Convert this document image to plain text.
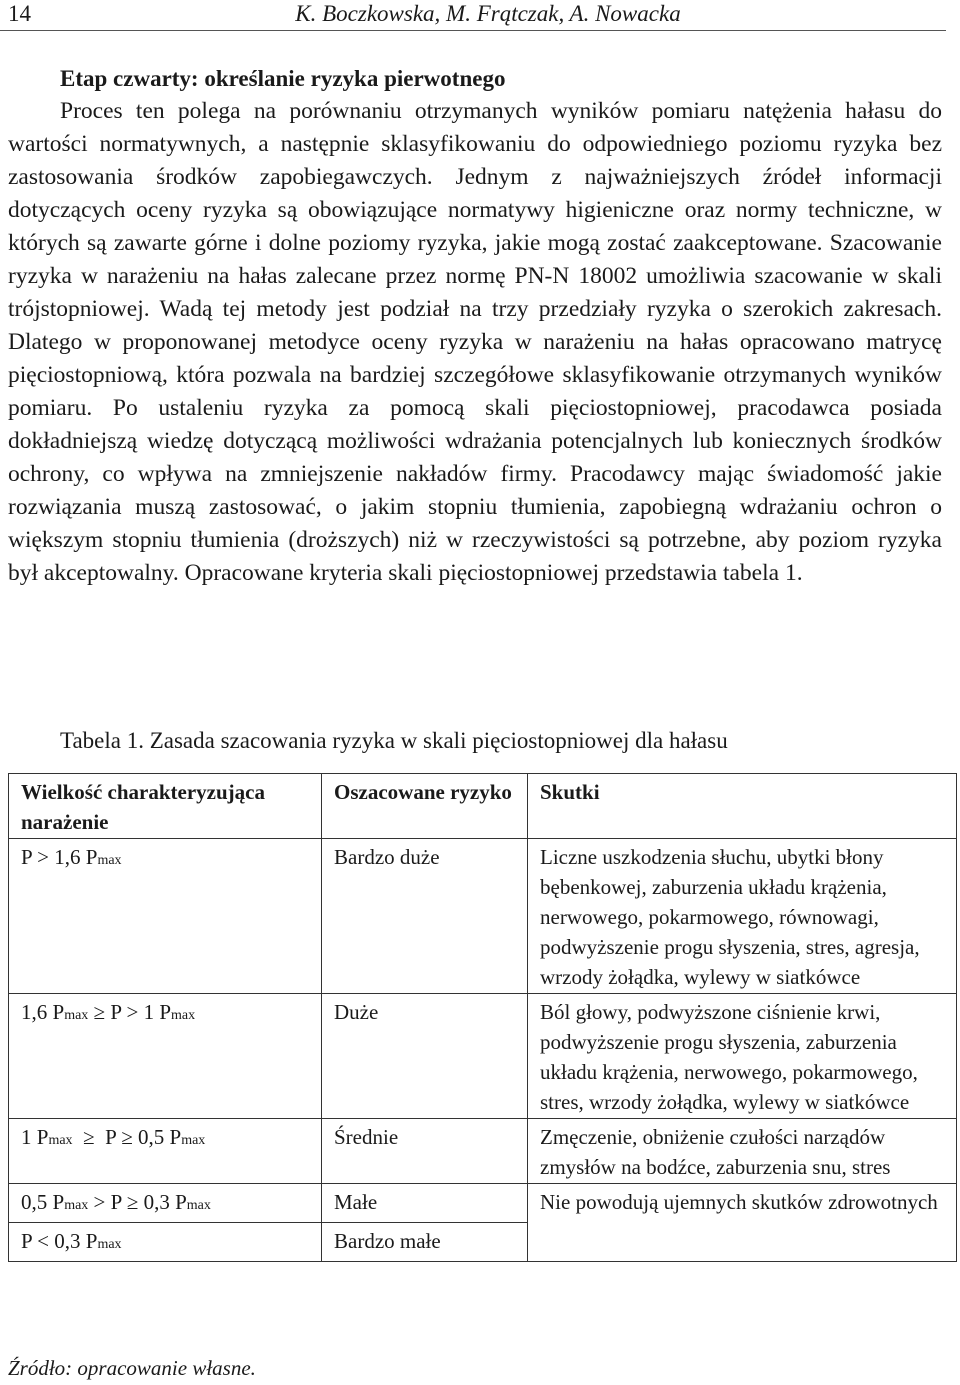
14	K. Boczkowska, M. Frątczak, A. Nowacka
Etap czwarty: określanie ryzyka pierwotnego

Proces ten polega na porównaniu otrzymanych wyników pomiaru natężenia hałasu do wartości normatywnych, a następnie sklasyfikowaniu do odpowiedniego poziomu ryzyka bez zastosowania środków zapobiegawczych. Jednym z najważniejszych źródeł informacji dotyczących oceny ryzyka są obowiązujące normatywy higieniczne oraz normy techniczne, w których są zawarte górne i dolne poziomy ryzyka, jakie mogą zostać zaakceptowane. Szacowanie ryzyka w narażeniu na hałas zalecane przez normę PN-N 18002 umożliwia szacowanie w skali trójstopniowej. Wadą tej metody jest podział na trzy przedziały ryzyka o szerokich zakresach. Dlatego w proponowanej metodyce oceny ryzyka w narażeniu na hałas opracowano matrycę pięciostopniową, która pozwala na bardziej szczegółowe sklasyfikowanie otrzymanych wyników pomiaru. Po ustaleniu ryzyka za pomocą skali pięciostopniowej, pracodawca posiada dokładniejszą wiedzę dotyczącą możliwości wdrażania potencjalnych lub koniecznych środków ochrony, co wpływa na zmniejszenie nakładów firmy. Pracodawcy mając świadomość jakie rozwiązania muszą zastosować, o jakim stopniu tłumienia, zapobiegną wdrażaniu ochron o większym stopniu tłumienia (droższych) niż w rzeczywistości są potrzebne, aby poziom ryzyka był akceptowalny. Opracowane kryteria skali pięciostopniowej przedstawia tabela 1.

Tabela 1. Zasada szacowania ryzyka w skali pięciostopniowej dla hałasu
Wielkość charakteryzująca narażenie	Oszacowane ryzyko	Skutki
P > 1,6 Pmax	Bardzo duże	Liczne uszkodzenia słuchu, ubytki błony bębenkowej, zaburzenia układu krążenia, nerwowego, pokarmowego, równowagi, podwyższenie progu słyszenia, stres, agresja, wrzody żołądka, wylewy w siatkówce
1,6 Pmax ≥ P > 1 Pmax	Duże	Ból głowy, podwyższone ciśnienie krwi, podwyższenie progu słyszenia, zaburzenia układu krążenia, nerwowego, pokarmowego, stres, wrzody żołądka, wylewy w siatkówce
1 Pmax  ≥  P ≥ 0,5 Pmax	Średnie	Zmęczenie, obniżenie czułości narządów zmysłów na bodźce, zaburzenia snu, stres
0,5 Pmax > P ≥ 0,3 Pmax	Małe	Nie powodują ujemnych skutków zdrowotnych
P < 0,3 Pmax	Bardzo małe	
Źródło: opracowanie własne.
